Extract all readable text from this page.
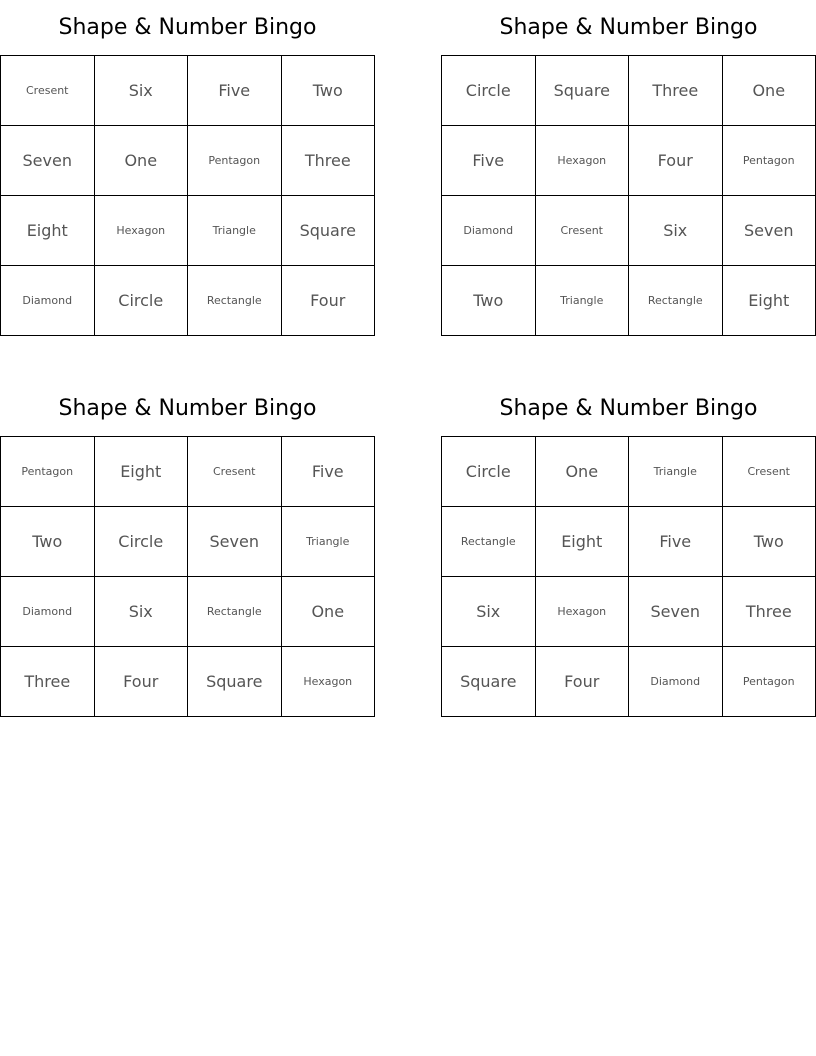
Shape & Number Bingo
Cresent	Six	Five	Two
Seven	One	Pentagon	Three
Eight	Hexagon	Triangle	Square
Diamond	Circle	Rectangle	Four
Shape & Number Bingo
Circle	Square	Three	One
Five	Hexagon	Four	Pentagon
Diamond	Cresent	Six	Seven
Two	Triangle	Rectangle	Eight
Shape & Number Bingo
Pentagon	Eight	Cresent	Five
Two	Circle	Seven	Triangle
Diamond	Six	Rectangle	One
Three	Four	Square	Hexagon
Shape & Number Bingo
Circle	One	Triangle	Cresent
Rectangle	Eight	Five	Two
Six	Hexagon	Seven	Three
Square	Four	Diamond	Pentagon
